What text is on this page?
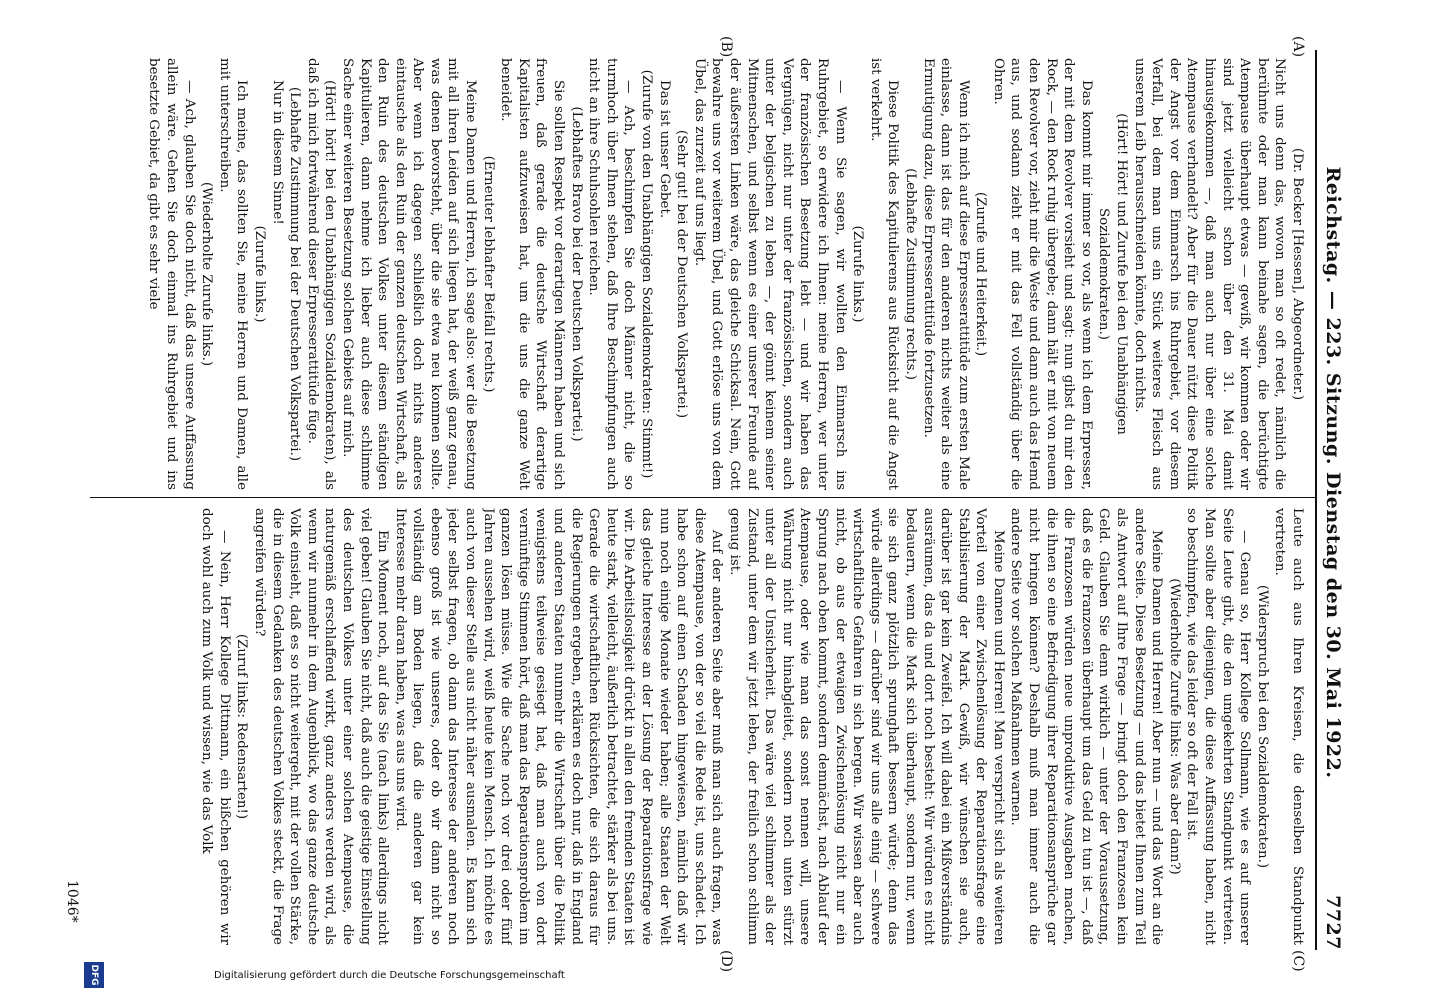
Reichstag. — 223. Sitzung. Dienstag den 30. Mai 1922.
7727
(A)
(B)
(C)
(D)

(Dr. Becker [Hessen], Abgeordneter.)

Nicht uns denn das, wovon man so oft redet, nämlich die berühmte oder man kann beinahe sagen, die berüchtigte Atempause überhaupt etwas — gewiß, wir kommen oder wir sind jetzt vielleicht schon über den 31. Mai damit hinausgekommen —, daß man auch nur über eine solche Atempause verhandelt? Aber für die Dauer nützt diese Politik der Angst vor dem Einmarsch ins Ruhrgebiet, vor diesem Verfall, bei dem man uns ein Stück weiteres Fleisch aus unserem Leib herausschneiden könnte, doch nichts.

(Hört! Hört! und Zurufe bei den Unabhängigen Sozialdemokraten.)

Das kommt mir immer so vor, als wenn ich dem Erpresser, der mit dem Revolver vorsieht und sagt: nun gibst du mir den Rock, — den Rock ruhig übergebe; dann hält er mit von neuem den Revolver vor, zieht mir die Weste und dann auch das Hemd aus, und sodann zieht er mit das Fell vollständig über die Ohren.

(Zurufe und Heiterkeit.)

Wenn ich mich auf diese Erpresserattitüde zum ersten Male einlasse, dann ist das für den anderen nichts weiter als eine Ermutigung dazu, diese Erpresserattitüde fortzusetzen.

(Lebhafte Zustimmung rechts.)

Diese Politik des Kapitulierens aus Rücksicht auf die Angst ist verkehrt.

(Zurufe links.)

— Wenn Sie sagen, wir wollten den Einmarsch ins Ruhrgebiet, so erwidere ich Ihnen: meine Herren, wer unter der französischen Besetzung lebt — und wir haben das Vergnügen, nicht nur unter der französischen, sondern auch unter der belgischen zu leben —, der gönnt keinem seiner Mitmenschen, und selbst wenn es einer unserer Freunde auf der äußersten Linken wäre, das gleiche Schicksal. Nein, Gott bewahre uns vor weiterem Übel, und Gott erlöse uns von dem Übel, das zurzeit auf uns liegt.

(Sehr gut! bei der Deutschen Volkspartei.)

Das ist unser Gebet.

(Zurufe von den Unabhängigen Sozialdemokraten: Stimmt!)

— Ach, beschimpfen Sie doch Männer nicht, die so turmhoch über Ihnen stehen, daß Ihre Beschimpfungen auch nicht an ihre Schuhsohlen reichen.

(Lebhaftes Bravo bei der Deutschen Volkspartei.)

Sie sollten Respekt vor derartigen Männern haben und sich freuen, daß gerade die deutsche Wirtschaft derartige Kapitalisten aufzuweisen hat, um die uns die ganze Welt beneidet.

(Erneuter lebhafter Beifall rechts.)

Meine Damen und Herren, ich sage also: wer die Besetzung mit all ihren Leiden auf sich liegen hat, der weiß ganz genau, was denen bevorsteht, über die sie etwa neu kommen sollte. Aber wenn ich dagegen schließlich doch nichts anderes eintausche als den Ruin der ganzen deutschen Wirtschaft, als den Ruin des deutschen Volkes unter diesem ständigen Kapitulieren, dann nehme ich lieber auch diese schlimme Sache einer weiteren Besetzung solchen Gebiets auf mich.

(Hört! hört! bei den Unabhängigen Sozialdemokraten), als daß ich mich fortwährend dieser Erpresserattitüde füge.

(Lebhafte Zustimmung bei der Deutschen Volkspartei.)

Nur in diesem Sinne!

(Zurufe links.)

Ich meine, das sollten Sie, meine Herren und Damen, alle mit unterschreiben.

(Wiederholte Zurufe links.)

— Ach, glauben Sie doch nicht, daß das unsere Auffassung allein wäre. Gehen Sie doch einmal ins Ruhrgebiet und ins besetzte Gebiet, da gibt es sehr viele

Leute auch aus Ihren Kreisen, die denselben Standpunkt vertreten.

(Widerspruch bei den Sozialdemokraten.)

— Genau so, Herr Kollege Sollmann, wie es auf unserer Seite Leute gibt, die den umgekehrten Standpunkt vertreten. Man sollte aber diejenigen, die diese Auffassung haben, nicht so beschimpfen, wie das leider so oft der Fall ist.

(Wiederholte Zurufe links: Was aber dann?)

Meine Damen und Herren! Aber nun — und das Wort an die andere Seite. Diese Besetzung — und das bietet Ihnen zum Teil als Antwort auf Ihre Frage — bringt doch den Franzosen kein Geld. Glauben Sie denn wirklich — unter der Voraussetzung, daß es die Franzosen überhaupt um das Geld zu tun ist —, daß die Franzosen würden neue unproduktive Ausgaben machen, die ihnen so eine Befriedigung ihrer Reparationsansprüche gar nicht bringen können? Deshalb muß man immer auch die andere Seite vor solchen Maßnahmen warnen.

Meine Damen und Herren! Man verspricht sich als weiteren Vorteil von einer Zwischenlösung der Reparationsfrage eine Stabilisierung der Mark. Gewiß, wir wünschen sie auch, darüber ist gar kein Zweifel. Ich will dabei ein Mißverständnis ausräumen, das da und dort noch besteht: Wir würden es nicht bedauern, wenn die Mark sich überhaupt, sondern nur, wenn sie sich ganz plötzlich sprunghaft bessern würde; denn das würde allerdings — darüber sind wir uns alle einig — schwere wirtschaftliche Gefahren in sich bergen. Wir wissen aber auch nicht, ob aus der etwaigen Zwischenlösung nicht nur ein Sprung nach oben kommt, sondern demnächst, nach Ablauf der Atempause, oder wie man das sonst nennen will, unsere Währung nicht nur hinabgleitet, sondern noch unten stürzt unter all der Unsicherheit. Das wäre viel schlimmer als der Zustand, unter dem wir jetzt leben, der freilich schon schlimm genug ist.

Auf der anderen Seite aber muß man sich auch fragen, was diese Atempause, von der so viel die Rede ist, uns schadet. Ich habe schon auf einen Schaden hingewiesen, nämlich daß wir nun noch einige Monate wieder haben; alle Staaten der Welt das gleiche Interesse an der Lösung der Reparationsfrage wie wir. Die Arbeitslosigkeit drückt in allen den fremden Staaten ist heute stark, vielleicht, äußerlich betrachtet, stärker als bei uns. Gerade die wirtschaftlichen Rücksichten, die sich daraus für die Regierungen ergeben, erklären es doch nur, daß in England und anderen Staaten nunmehr die Wirtschaft über die Politik wenigstens teilweise gesiegt hat, daß man auch von dort vernünftige Stimmen hört, daß man das Reparationsproblem im ganzen lösen müsse. Wie die Sache noch vor drei oder fünf Jahren aussehen wird, weiß heute kein Mensch. Ich möchte es auch von dieser Stelle aus nicht näher ausmalen. Es kann sich jeder selbst fragen, ob dann das Interesse der anderen noch ebenso groß ist wie unseres, oder ob wir dann nicht so vollständig am Boden liegen, daß die anderen gar kein Interesse mehr daran haben, was aus uns wird.

Ein Moment noch, auf das Sie (nach links) allerdings nicht viel geben! Glauben Sie nicht, daß auch die geistige Einstellung des deutschen Volkes unter einer solchen Atempause, die naturgemäß erschlaffend wirkt, ganz anders werden wird, als wenn wir nunmehr in dem Augenblick, wo das ganze deutsche Volk einsieht, daß es so nicht weitergeht, mit der vollen Stärke, die in diesem Gedanken des deutschen Volkes steckt, die Frage angreifen würden?

(Zuruf links: Redensarten!)

— Nein, Herr Kollege Dittmann, ein bißchen gehören wir doch wohl auch zum Volk und wissen, wie das Volk

1046*
Digitalisierung gefördert durch die Deutsche Forschungsgemeinschaft
DFG
